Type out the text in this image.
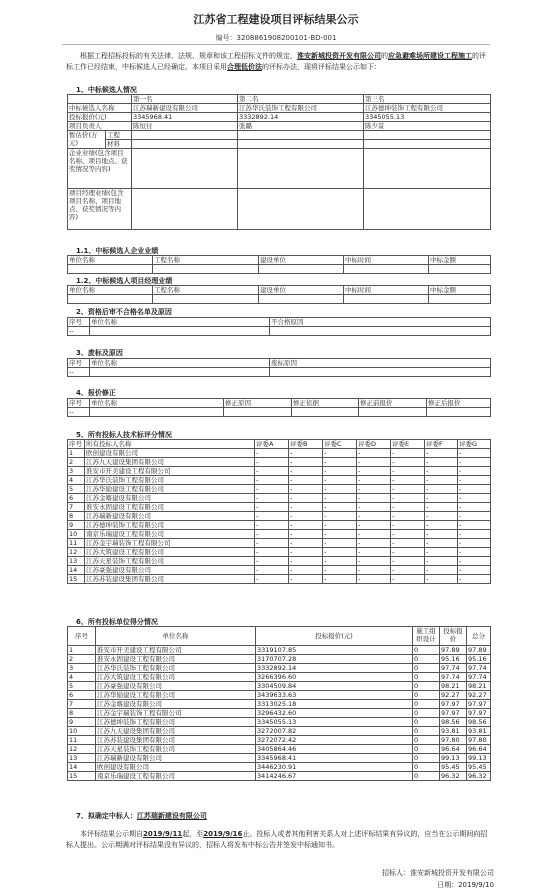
江苏省工程建设项目评标结果公示
编号：3208861908200101-BD-001
根据工程招标投标的有关法律、法规、规章和该工程招标文件的规定，淮安新城投资开发有限公司的应急避难场所建设工程施工的评标工作已经结束，中标候选人已经确定。本项目采用合理低价法的评标办法，现将评标结果公示如下：
1、中标候选人情况
		第一名	第二名	第三名
中标候选人名称		江苏瑞新建设有限公司	江苏华氏装饰工程有限公司	江苏德坤装饰工程有限公司
投标报价(元)		3345968.41	3332892.14	3345055.13
项目负责人		陈恒付	张璐	陈少景
暂估价(万元)	工程			
	材料			
企业业绩(包含项目名称、项目地点、获奖情况等内容)				
项目经理业绩(包含项目名称、项目地点、获奖情况等内容)				
1.1、中标候选人企业业绩
单位名称	工程名称	建设单位	中标时间	中标金额

1.2、中标候选人项目经理业绩
单位名称	工程名称	建设单位	中标时间	中标金额

2、资格后审不合格名单及原因
序号	单位名称	不合格原因
--		
3、废标及原因
序号	单位名称	废标原因
--		
4、报价修正
序号	单位名称	修正原因	修正依据	修正前报价	修正后报价
--					
5、所有投标人技术标评分情况
序号	所有投标人名称	评委A	评委B	评委C	评委D	评委E	评委F	评委G
1	欧创建设有限公司	-	-	-	-	-	-	-
2	江苏九天建设集团有限公司	-	-	-	-	-	-	-
3	淮安市开美建设工程有限公司	-	-	-	-	-	-	-
4	江苏华氏装饰工程有限公司	-	-	-	-	-	-	-
5	江苏华励建设工程有限公司	-	-	-	-	-	-	-
6	江苏金喀建设有限公司	-	-	-	-	-	-	-
7	淮安永固建设工程有限公司	-	-	-	-	-	-	-
8	江苏瑞新建设有限公司	-	-	-	-	-	-	-
9	江苏德坤装饰工程有限公司	-	-	-	-	-	-	-
10	南京乐瑞建设工程有限公司	-	-	-	-	-	-	-
11	江苏金宇瑞装饰工程有限公司	-	-	-	-	-	-	-
12	江苏大筑建设工程有限公司	-	-	-	-	-	-	-
13	江苏天星装饰工程有限公司	-	-	-	-	-	-	-
14	江苏豪强建设有限公司	-	-	-	-	-	-	-
15	江苏苏装建设集团有限公司	-	-	-	-	-	-	-
6、所有投标单位得分情况
序号	单位名称	投标报价(元)	施工组织设计	投标报价	总分
1	淮安市开美建设工程有限公司	3319107.85	0	97.89	97.89
2	淮安永固建设工程有限公司	3170707.28	0	95.16	95.16
3	江苏华氏装饰工程有限公司	3332892.14	0	97.74	97.74
4	江苏大筑建设工程有限公司	3266396.60	0	97.74	97.74
5	江苏豪强建设有限公司	3304509.84	0	98.21	98.21
6	江苏华励建设工程有限公司	3439633.63	0	92.27	92.27
7	江苏金喀建设有限公司	3313025.18	0	97.97	97.97
8	江苏金宇瑞装饰工程有限公司	3296432.60	0	97.97	97.97
9	江苏德坤装饰工程有限公司	3345055.13	0	98.56	98.56
10	江苏九天建设集团有限公司	3272007.82	0	93.81	93.81
11	江苏苏装建设集团有限公司	3272072.42	0	97.80	97.80
12	江苏天星装饰工程有限公司	3405864.46	0	96.64	96.64
13	江苏瑞新建设有限公司	3345968.41	0	99.13	99.13
14	欧创建设有限公司	3446230.91	0	95.45	95.45
15	南京乐瑞建设工程有限公司	3414246.67	0	96.32	96.32
7、拟确定中标人：江苏瑞新建设有限公司
本评标结果公示期自2019/9/11起，至2019/9/16止。投标人或者其他利害关系人对上述评标结果有异议的，应当在公示期间向招标人提出。公示期满对评标结果没有异议的，招标人将发布中标公告并签发中标通知书。
招标人：淮安新城投资开发有限公司
日期：2019/9/10
